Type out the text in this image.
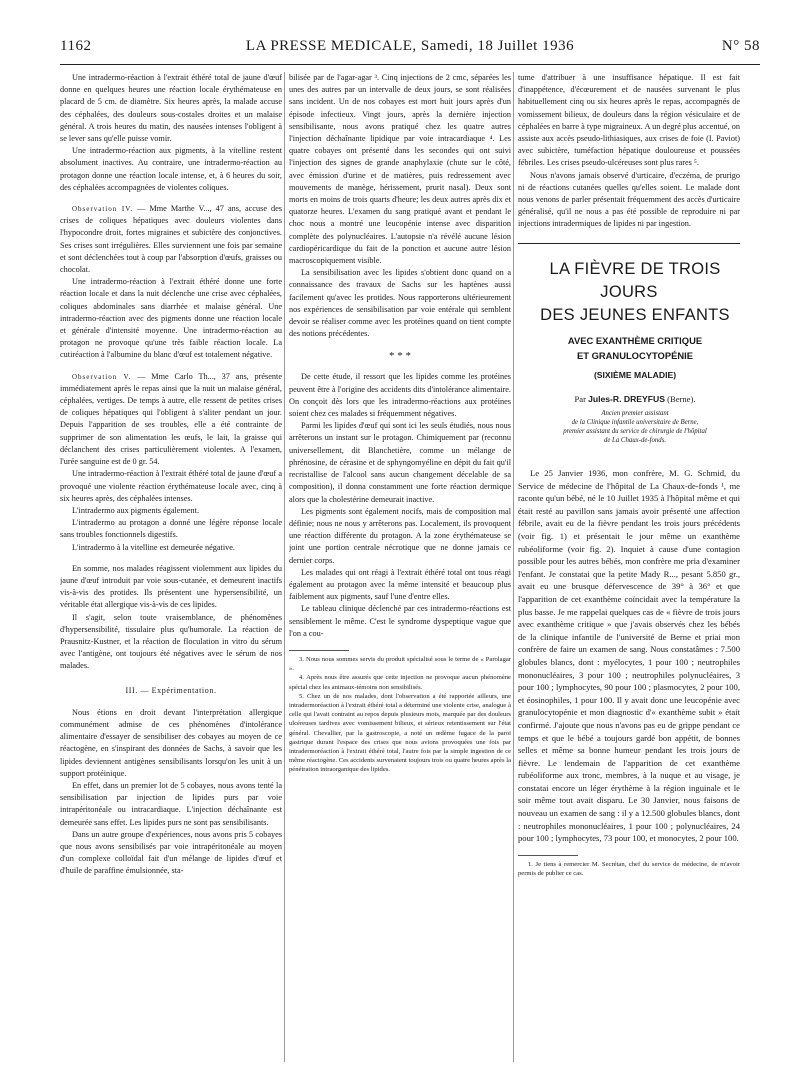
1162	LA PRESSE MEDICALE, Samedi, 18 Juillet 1936	N° 58

Une intradermo-réaction à l'extrait éthéré total de jaune d'œuf donne en quelques heures une réaction locale érythémateuse en placard de 5 cm. de diamètre. Six heures après, la malade accuse des céphalées, des douleurs sous-costales droites et un malaise général. A trois heures du matin, des nausées intenses l'obligent à se lever sans qu'elle puisse vomir.

Une intradermo-réaction aux pigments, à la vitelline restent absolument inactives. Au contraire, une intradermo-réaction au protagon donne une réaction locale intense, et, à 6 heures du soir, des céphalées accompagnées de violentes coliques.

Observation IV. — Mme Marthe V..., 47 ans, accuse des crises de coliques hépatiques avec douleurs violentes dans l'hypocondre droit, fortes migraines et subictère des conjonctives. Ses crises sont irrégulières. Elles surviennent une fois par semaine et sont déclenchées tout à coup par l'absorption d'œufs, graisses ou chocolat.

Une intradermo-réaction à l'extrait éthéré donne une forte réaction locale et dans la nuit déclenche une crise avec céphalées, coliques abdominales sans diarrhée et malaise général. Une intradermo-réaction avec des pigments donne une réaction locale et générale d'intensité moyenne. Une intradermo-réaction au protagon ne provoque qu'une très faible réaction locale. La cutiréaction à l'albumine du blanc d'œuf est totalement négative.

Observation V. — Mme Carlo Th..., 37 ans, présente immédiatement après le repas ainsi que la nuit un malaise général, céphalées, vertiges. De temps à autre, elle ressent de petites crises de coliques hépatiques qui l'obligent à s'aliter pendant un jour. Depuis l'apparition de ses troubles, elle a été contrainte de supprimer de son alimentation les œufs, le lait, la graisse qui déclanchent des crises particulièrement violentes. A l'examen, l'urée sanguine est de 0 gr. 54.

Une intradermo-réaction à l'extrait éthéré total de jaune d'œuf a provoqué une violente réaction érythémateuse locale avec, cinq à six heures après, des céphalées intenses.

L'intradermo aux pigments également.

L'intradermo au protagon a donné une légère réponse locale sans troubles fonctionnels digestifs.

L'intradermo à la vitelline est demeurée négative.

En somme, nos malades réagissent violemment aux lipides du jaune d'œuf introduit par voie sous-cutanée, et demeurent inactifs vis-à-vis des protides. Ils présentent une hypersensibilité, un véritable état allergique vis-à-vis de ces lipides.

Il s'agit, selon toute vraisemblance, de phénomènes d'hypersensibilité, tissulaire plus qu'humorale. La réaction de Prausnitz-Kustner, et la réaction de floculation in vitro du sérum avec l'antigène, ont toujours été négatives avec le sérum de nos malades.

III. — Expérimentation.

Nous étions en droit devant l'interprétation allergique communément admise de ces phénomènes d'intolérance alimentaire d'essayer de sensibiliser des cobayes au moyen de ce réactogène, en s'inspirant des données de Sachs, à savoir que les lipides deviennent antigènes sensibilisants lorsqu'on les unit à un support protéinique.

En effet, dans un premier lot de 5 cobayes, nous avons tenté la sensibilisation par injection de lipides purs par voie intrapéritonéale ou intracardiaque. L'injection déchaînante est demeurée sans effet. Les lipides purs ne sont pas sensibilisants.

Dans un autre groupe d'expériences, nous avons pris 5 cobayes que nous avons sensibilisés par voie intrapéritonéale au moyen d'un complexe colloïdal fait d'un mélange de lipides d'œuf et d'huile de paraffine émulsionnée, sta-

bilisée par de l'agar-agar ³. Cinq injections de 2 cmc, séparées les unes des autres par un intervalle de deux jours, se sont réalisées sans incident. Un de nos cobayes est mort huit jours après d'un épisode infectieux. Vingt jours, après la dernière injection sensibilisante, nous avons pratiqué chez les quatre autres l'injection déchaînante lipidique par voie intracardiaque ⁴. Les quatre cobayes ont présenté dans les secondes qui ont suivi l'injection des signes de grande anaphylaxie (chute sur le côté, avec émission d'urine et de matières, puis redressement avec mouvements de manège, hérissement, prurit nasal). Deux sont morts en moins de trois quarts d'heure; les deux autres après dix et quatorze heures. L'examen du sang pratiqué avant et pendant le choc nous a montré une leucopénie intense avec disparition complète des polynucléaires. L'autopsie n'a révélé aucune lésion cardiopéricardique du fait de la ponction et aucune autre lésion macroscopiquement visible.

La sensibilisation avec les lipides s'obtient donc quand on a connaissance des travaux de Sachs sur les haptènes aussi facilement qu'avec les protides. Nous rapporterons ultérieurement nos expériences de sensibilisation par voie entérale qui semblent devoir se réaliser comme avec les protéines quand on tient compte des notions précédentes.

* * *

De cette étude, il ressort que les lipides comme les protéines peuvent être à l'origine des accidents dits d'intolérance alimentaire. On conçoit dès lors que les intradermo-réactions aux protéines soient chez ces malades si fréquemment négatives.

Parmi les lipides d'œuf qui sont ici les seuls étudiés, nous nous arrêterons un instant sur le protagon. Chimiquement par (reconnu universellement, dit Blanchetière, comme un mélange de phrénosine, de cérasine et de sphyngomyéline en dépit du fait qu'il recristallise de l'alcool sans aucun changement décelable de sa composition), il donna constamment une forte réaction dermique alors que la cholestérine demeurait inactive.

Les pigments sont également nocifs, mais de composition mal définie; nous ne nous y arrêterons pas. Localement, ils provoquent une réaction différente du protagon. A la zone érythémateuse se joint une portion centrale nécrotique que ne donne jamais ce dernier corps.

Les malades qui ont réagi à l'extrait éthéré total ont tous réagi également au protagon avec la même intensité et beaucoup plus faiblement aux pigments, sauf l'une d'entre elles.

Le tableau clinique déclenché par ces intradermo-réactions est sensiblement le même. C'est le syndrome dyspeptique vague que l'on a cou-

3. Nous nous sommes servis du produit spécialisé sous le terme de « Parolagar ».

4. Après nous être assurés que cette injection ne provoque aucun phénomène spécial chez les animaux-témoins non sensibilisés.

5. Chez un de nos malades, dont l'observation a été rapportée ailleurs, une intradermoréaction à l'extrait éthéré total a déterminé une violente crise, analogue à celle qui l'avait contraint au repos depuis plusieurs mois, marquée par des douleurs ulcéreuses tardives avec vomissement bilieux, et sérieux retentissement sur l'état général. Chevallier, par la gastroscopie, a noté un œdème fugace de la paroi gastrique durant l'espace des crises que nous avions provoquées une fois par intradermoréaction à l'extrait éthéré total, l'autre fois par la simple ingestion de ce même réactogène. Ces accidents survenaient toujours trois ou quatre heures après la pénétration intraorganique des lipides.

tume d'attribuer à une insuffisance hépatique. Il est fait d'inappétence, d'écœurement et de nausées survenant le plus habituellement cinq ou six heures après le repas, accompagnés de vomissement bilieux, de douleurs dans la région vésiculaire et de céphalées en barre à type migraineux. A un degré plus accentué, on assiste aux accès pseudo-lithiasiques, aux crises de foie (I. Paviot) avec subictère, tuméfaction hépatique douloureuse et poussées fébriles. Les crises pseudo-ulcéreuses sont plus rares ⁵.

Nous n'avons jamais observé d'urticaire, d'eczéma, de prurigo ni de réactions cutanées quelles qu'elles soient. Le malade dont nous venons de parler présentait fréquemment des accès d'urticaire généralisé, qu'il ne nous a pas été possible de reproduire ni par injections intradermiques de lipides ni par ingestion.

LA FIÈVRE DE TROIS JOURS

DES JEUNES ENFANTS

AVEC EXANTHÈME CRITIQUE

ET GRANULOCYTOPÉNIE

(SIXIÈME MALADIE)

Par Jules-R. DREYFUS (Berne).

Ancien premier assistant

de la Clinique infantile universitaire de Berne,

premier assistant du service de chirurgie de l'hôpital

de La Chaux-de-fonds.

Le 25 Janvier 1936, mon confrère, M. G. Schmid, du Service de médecine de l'hôpital de La Chaux-de-fonds ¹, me raconte qu'un bébé, né le 10 Juillet 1935 à l'hôpital même et qui était resté au pavillon sans jamais avoir présenté une affection fébrile, avait eu de la fièvre pendant les trois jours précédents (voir fig. 1) et présentait le jour même un exanthème rubéoliforme (voir fig. 2). Inquiet à cause d'une contagion possible pour les autres bébés, mon confrère me pria d'examiner l'enfant. Je constatai que la petite Mady R..., pesant 5.850 gr., avait eu une brusque défervescence de 39° à 36° et que l'apparition de cet exanthème coïncidait avec la température la plus basse. Je me rappelai quelques cas de « fièvre de trois jours avec exanthème critique » que j'avais observés chez les bébés de la clinique infantile de l'université de Berne et priai mon confrère de faire un examen de sang. Nous constatâmes : 7.500 globules blancs, dont : myélocytes, 1 pour 100 ; neutrophiles mononucléaires, 3 pour 100 ; neutrophiles polynucléaires, 3 pour 100 ; lymphocytes, 90 pour 100 ; plasmocytes, 2 pour 100, et éosinophiles, 1 pour 100. Il y avait donc une leucopénie avec granulocytopénie et mon diagnostic d'« exanthème subit » était confirmé. J'ajoute que nous n'avons pas eu de grippe pendant ce temps et que le bébé a toujours gardé bon appétit, de bonnes selles et même sa bonne humeur pendant les trois jours de fièvre. Le lendemain de l'apparition de cet exanthème rubéoliforme aux tronc, membres, à la nuque et au visage, je constatai encore un léger érythème à la région inguinale et le soir même tout avait disparu. Le 30 Janvier, nous faisons de nouveau un examen de sang : il y a 12.500 globules blancs, dont : neutrophiles mononucléaires, 1 pour 100 ; polynucléaires, 24 pour 100 ; lymphocytes, 73 pour 100, et monocytes, 2 pour 100.

1. Je tiens à remercier M. Secrétan, chef du service de médecine, de m'avoir permis de publier ce cas.
